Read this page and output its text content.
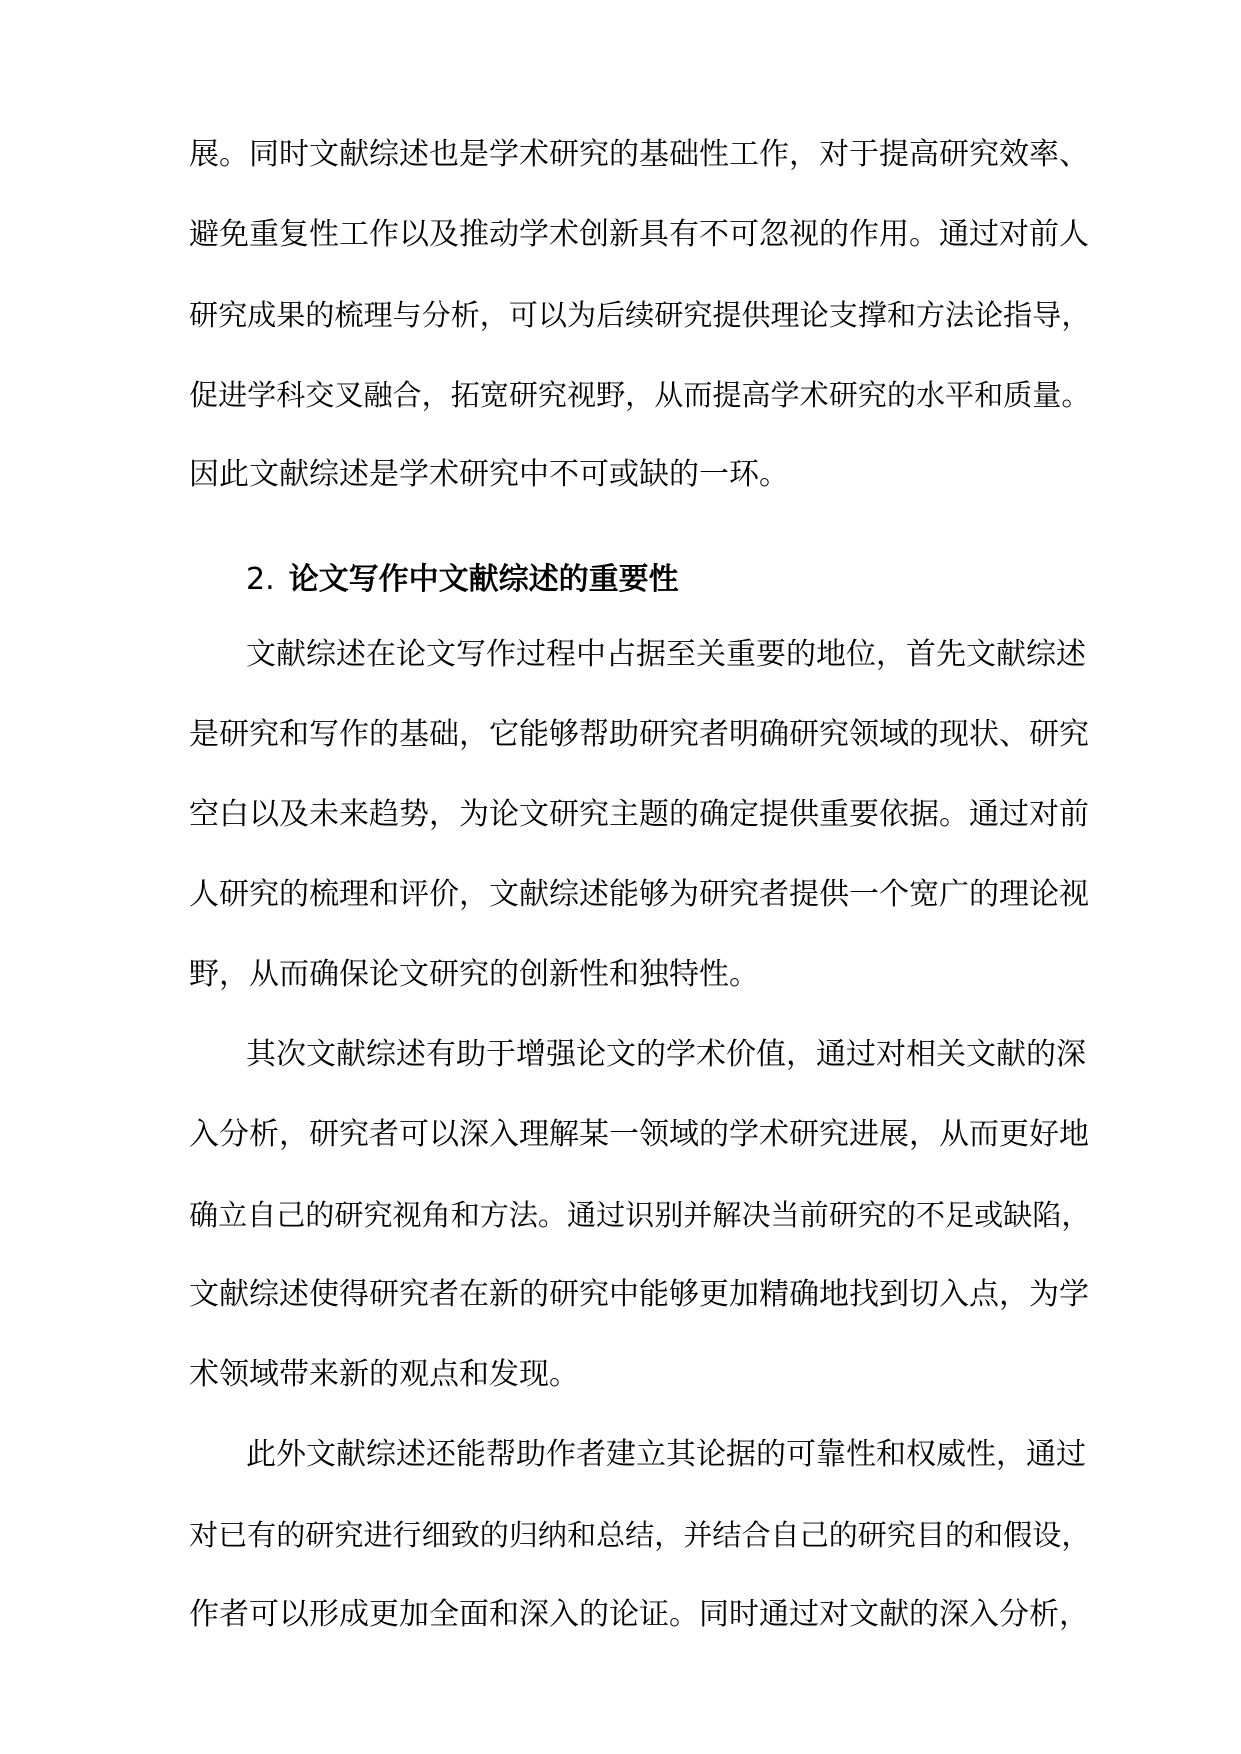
展。同时文献综述也是学术研究的基础性工作，对于提高研究效率、
避免重复性工作以及推动学术创新具有不可忽视的作用。通过对前人
研究成果的梳理与分析，可以为后续研究提供理论支撑和方法论指导，
促进学科交叉融合，拓宽研究视野，从而提高学术研究的水平和质量。
因此文献综述是学术研究中不可或缺的一环。
2. 论文写作中文献综述的重要性
文献综述在论文写作过程中占据至关重要的地位，首先文献综述
是研究和写作的基础，它能够帮助研究者明确研究领域的现状、研究
空白以及未来趋势，为论文研究主题的确定提供重要依据。通过对前
人研究的梳理和评价，文献综述能够为研究者提供一个宽广的理论视
野，从而确保论文研究的创新性和独特性。
其次文献综述有助于增强论文的学术价值，通过对相关文献的深
入分析，研究者可以深入理解某一领域的学术研究进展，从而更好地
确立自己的研究视角和方法。通过识别并解决当前研究的不足或缺陷，
文献综述使得研究者在新的研究中能够更加精确地找到切入点，为学
术领域带来新的观点和发现。
此外文献综述还能帮助作者建立其论据的可靠性和权威性，通过
对已有的研究进行细致的归纳和总结，并结合自己的研究目的和假设，
作者可以形成更加全面和深入的论证。同时通过对文献的深入分析，
